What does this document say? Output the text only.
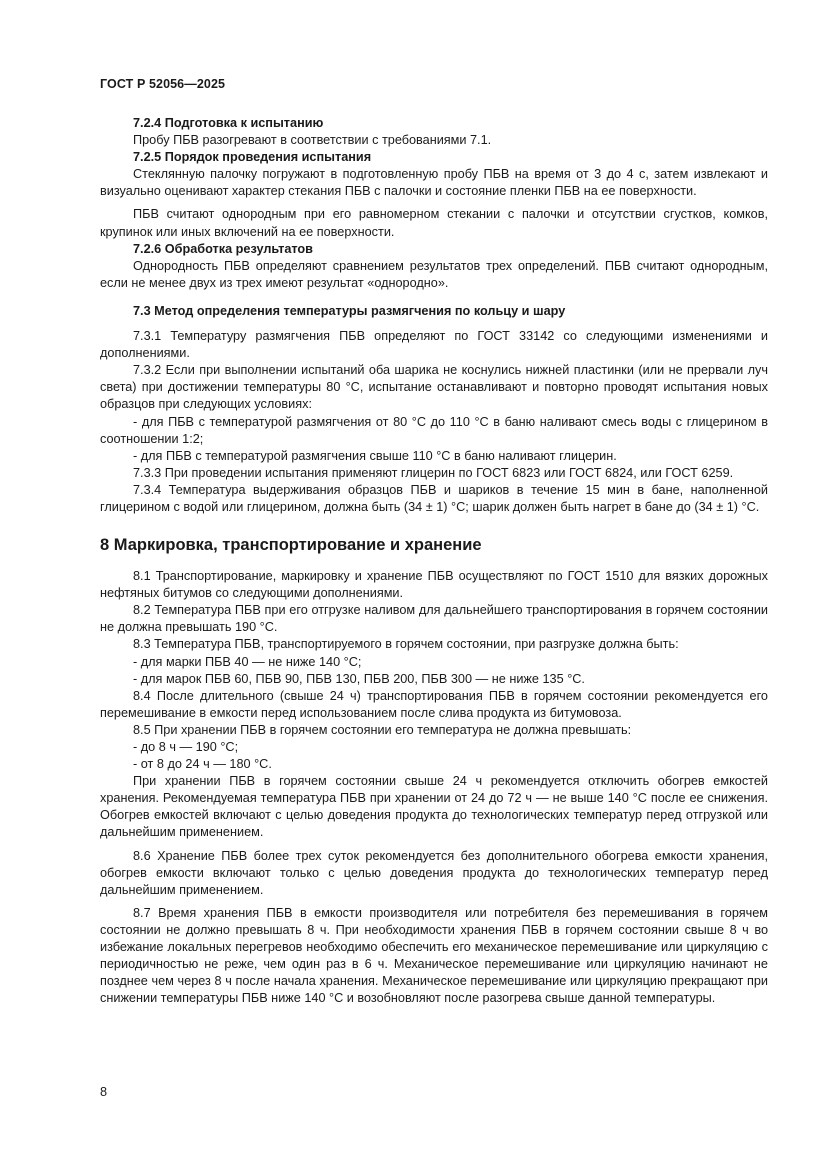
ГОСТ Р 52056—2025

7.2.4 Подготовка к испытанию

Пробу ПБВ разогревают в соответствии с требованиями 7.1.

7.2.5 Порядок проведения испытания

Стеклянную палочку погружают в подготовленную пробу ПБВ на время от 3 до 4 с, затем извлекают и визуально оценивают характер стекания ПБВ с палочки и состояние пленки ПБВ на ее поверхности.

ПБВ считают однородным при его равномерном стекании с палочки и отсутствии сгустков, комков, крупинок или иных включений на ее поверхности.

7.2.6 Обработка результатов

Однородность ПБВ определяют сравнением результатов трех определений. ПБВ считают однородным, если не менее двух из трех имеют результат «однородно».

7.3 Метод определения температуры размягчения по кольцу и шару

7.3.1 Температуру размягчения ПБВ определяют по ГОСТ 33142 со следующими изменениями и дополнениями.

7.3.2 Если при выполнении испытаний оба шарика не коснулись нижней пластинки (или не прервали луч света) при достижении температуры 80 °С, испытание останавливают и повторно проводят испытания новых образцов при следующих условиях:

- для ПБВ с температурой размягчения от 80 °С до 110 °С в баню наливают смесь воды с глицерином в соотношении 1:2;

- для ПБВ с температурой размягчения свыше 110 °С в баню наливают глицерин.

7.3.3 При проведении испытания применяют глицерин по ГОСТ 6823 или ГОСТ 6824, или ГОСТ 6259.

7.3.4 Температура выдерживания образцов ПБВ и шариков в течение 15 мин в бане, наполненной глицерином с водой или глицерином, должна быть (34 ± 1) °С; шарик должен быть нагрет в бане до (34 ± 1) °С.

8 Маркировка, транспортирование и хранение

8.1 Транспортирование, маркировку и хранение ПБВ осуществляют по ГОСТ 1510 для вязких дорожных нефтяных битумов со следующими дополнениями.

8.2 Температура ПБВ при его отгрузке наливом для дальнейшего транспортирования в горячем состоянии не должна превышать 190 °С.

8.3 Температура ПБВ, транспортируемого в горячем состоянии, при разгрузке должна быть:

- для марки ПБВ 40 — не ниже 140 °С;

- для марок ПБВ 60, ПБВ 90, ПБВ 130, ПБВ 200, ПБВ 300 — не ниже 135 °С.

8.4 После длительного (свыше 24 ч) транспортирования ПБВ в горячем состоянии рекомендуется его перемешивание в емкости перед использованием после слива продукта из битумовоза.

8.5 При хранении ПБВ в горячем состоянии его температура не должна превышать:

- до 8 ч — 190 °С;

- от 8 до 24 ч — 180 °С.

При хранении ПБВ в горячем состоянии свыше 24 ч рекомендуется отключить обогрев емкостей хранения. Рекомендуемая температура ПБВ при хранении от 24 до 72 ч — не выше 140 °С после ее снижения. Обогрев емкостей включают с целью доведения продукта до технологических температур перед отгрузкой или дальнейшим применением.

8.6 Хранение ПБВ более трех суток рекомендуется без дополнительного обогрева емкости хранения, обогрев емкости включают только с целью доведения продукта до технологических температур перед дальнейшим применением.

8.7 Время хранения ПБВ в емкости производителя или потребителя без перемешивания в горячем состоянии не должно превышать 8 ч. При необходимости хранения ПБВ в горячем состоянии свыше 8 ч во избежание локальных перегревов необходимо обеспечить его механическое перемешивание или циркуляцию с периодичностью не реже, чем один раз в 6 ч. Механическое перемешивание или циркуляцию начинают не позднее чем через 8 ч после начала хранения. Механическое перемешивание или циркуляцию прекращают при снижении температуры ПБВ ниже 140 °С и возобновляют после разогрева свыше данной температуры.

8
